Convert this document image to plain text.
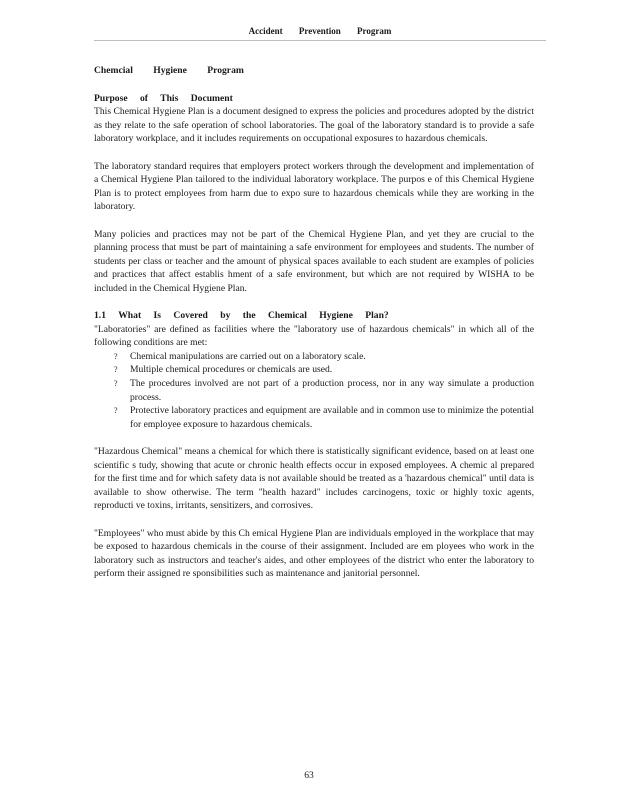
Accident Prevention Program
Chemcial Hygiene Program
Purpose of This Document

This Chemical Hygiene Plan is a document designed to express the policies and procedures adopted by the district as they relate to the safe operation of school laboratories. The goal of the laboratory standard is to provide a safe laboratory workplace, and it includes requirements on occupational exposures to hazardous chemicals.

The laboratory standard requires that employers protect workers through the development and implementation of a Chemical Hygiene Plan tailored to the individual laboratory workplace. The purpos e of this Chemical Hygiene Plan is to protect employees from harm due to expo sure to hazardous chemicals while they are working in the laboratory.

Many policies and practices may not be part of the Chemical Hygiene Plan, and yet they are crucial to the planning process that must be part of maintaining a safe environment for employees and students. The number of students per class or teacher and the amount of physical spaces available to each student are examples of policies and practices that affect establis hment of a safe environment, but which are not required by WISHA to be included in the Chemical Hygiene Plan.

1.1 What Is Covered by the Chemical Hygiene Plan?

"Laboratories" are defined as facilities where the "laboratory use of hazardous chemicals" in which all of the following conditions are met:

? Chemical manipulations are carried out on a laboratory scale.
? Multiple chemical procedures or chemicals are used.
? The procedures involved are not part of a production process, nor in any way simulate a production process.
? Protective laboratory practices and equipment are available and in common use to minimize the potential for employee exposure to hazardous chemicals.

"Hazardous Chemical" means a chemical for which there is statistically significant evidence, based on at least one scientific s tudy, showing that acute or chronic health effects occur in exposed employees. A chemic al prepared for the first time and for which safety data is not available should be treated as a 'hazardous chemical" until data is available to show otherwise. The term "health hazard" includes carcinogens, toxic or highly toxic agents, reproducti ve toxins, irritants, sensitizers, and corrosives.

"Employees" who must abide by this Ch emical Hygiene Plan are individuals employed in the workplace that may be exposed to hazardous chemicals in the course of their assignment. Included are em ployees who work in the laboratory such as instructors and teacher's aides, and other employees of the district who enter the laboratory to perform their assigned re sponsibilities such as maintenance and janitorial personnel.

63
